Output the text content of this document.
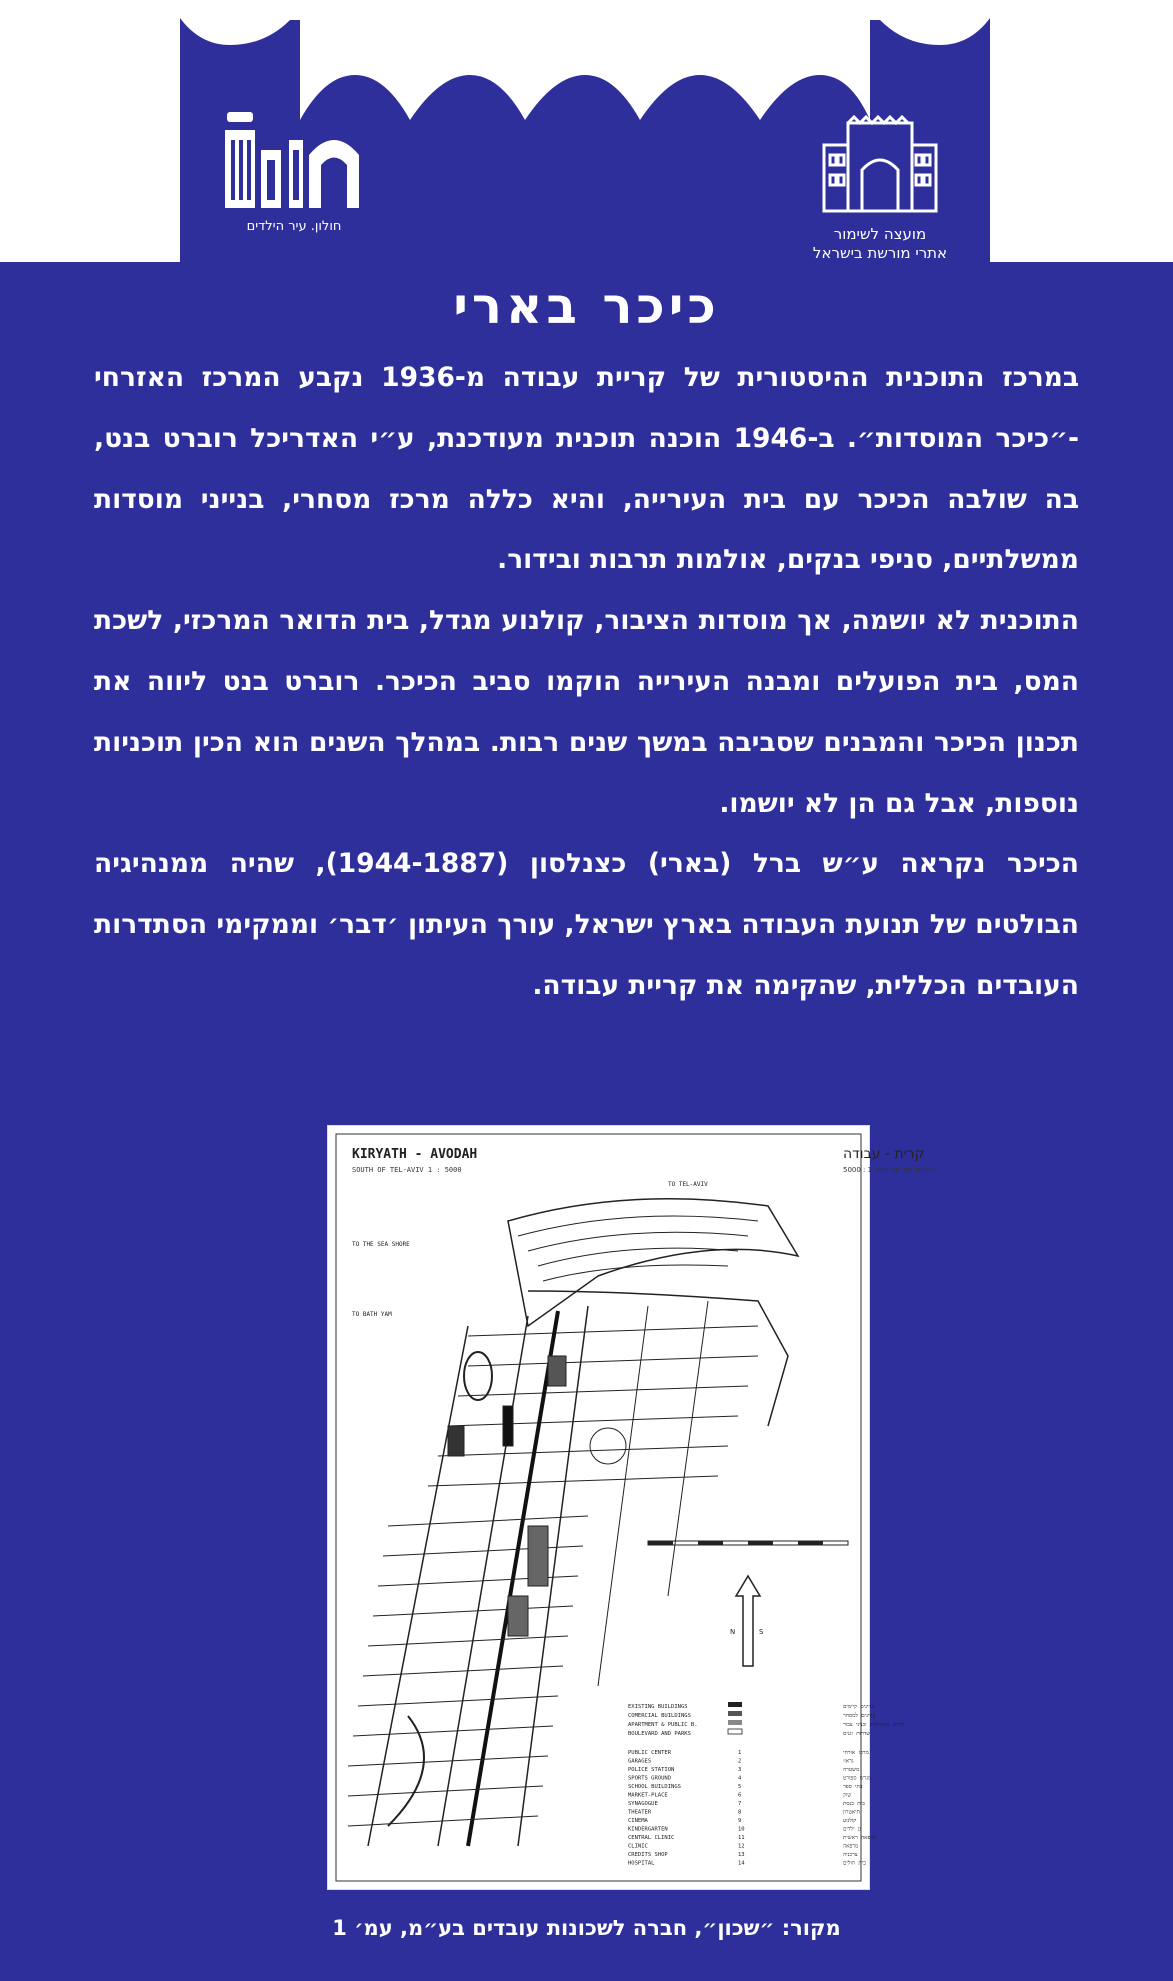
מועצה לשימור
אתרי מורשת בישראל
חולון. עיר הילדים
כיכר בארי

במרכז התוכנית ההיסטורית של קריית עבודה מ-1936 נקבע המרכז האזרחי -״כיכר המוסדות״. ב-1946 הוכנה תוכנית מעודכנת, ע״י האדריכל רוברט בנט, בה שולבה הכיכר עם בית העירייה, והיא כללה מרכז מסחרי, בנייני מוסדות ממשלתיים, סניפי בנקים, אולמות תרבות ובידור.

התוכנית לא יושמה, אך מוסדות הציבור, קולנוע מגדל, בית הדואר המרכזי, לשכת המס, בית הפועלים ומבנה העירייה הוקמו סביב הכיכר. רוברט בנט ליווה את תכנון הכיכר והמבנים שסביבה במשך שנים רבות. במהלך השנים הוא הכין תוכניות נוספות, אבל גם הן לא יושמו.

הכיכר נקראה ע״ש ברל (בארי) כצנלסון (1944-1887), שהיה ממנהיגיה הבולטים של תנועת העבודה בארץ ישראל, עורך העיתון ׳דבר׳ וממקימי הסתדרות העובדים הכללית, שהקימה את קריית עבודה.

KIRYATH - AVODAH
SOUTH OF TEL-AVIV 1 : 5000
קרית - עבודה
בדרומה של תל-אביב 1 : 5000
TO TEL-AVIV
TO THE SEA SHORE
TO BATH YAM
N	S
EXISTING BUILDINGS
COMERCIAL BUILDINGS
APARTMENT & PUBLIC B.
BOULEVARD AND PARKS
בניינים קיימים
בניינים למסחר
בתים משותפים ובניני צבור
שדרות וגנים
PUBLIC CENTER	1	מרכז אזרחי
GARAGES	2	גראז׳
POLICE STATION	3	משטרה
SPORTS GROUND	4	מגרש ספורט
SCHOOL BUILDINGS	5	בתי ספר
MARKET-PLACE	6	שוק
SYNAGOGUE	7	בית כנסת
THEATER	8	תיאטרון
CINEMA	9	קולנוע
KINDERGARTEN	10	גן ילדים
CENTRAL CLINIC	11	מרפאה ראשית
CLINIC	12	מרפאה
CREDITS SHOP	13	צרכניה
HOSPITAL	14	בית חולים
מקור: ״שכון״, חברה לשכונות עובדים בע״מ, עמ׳ 1
